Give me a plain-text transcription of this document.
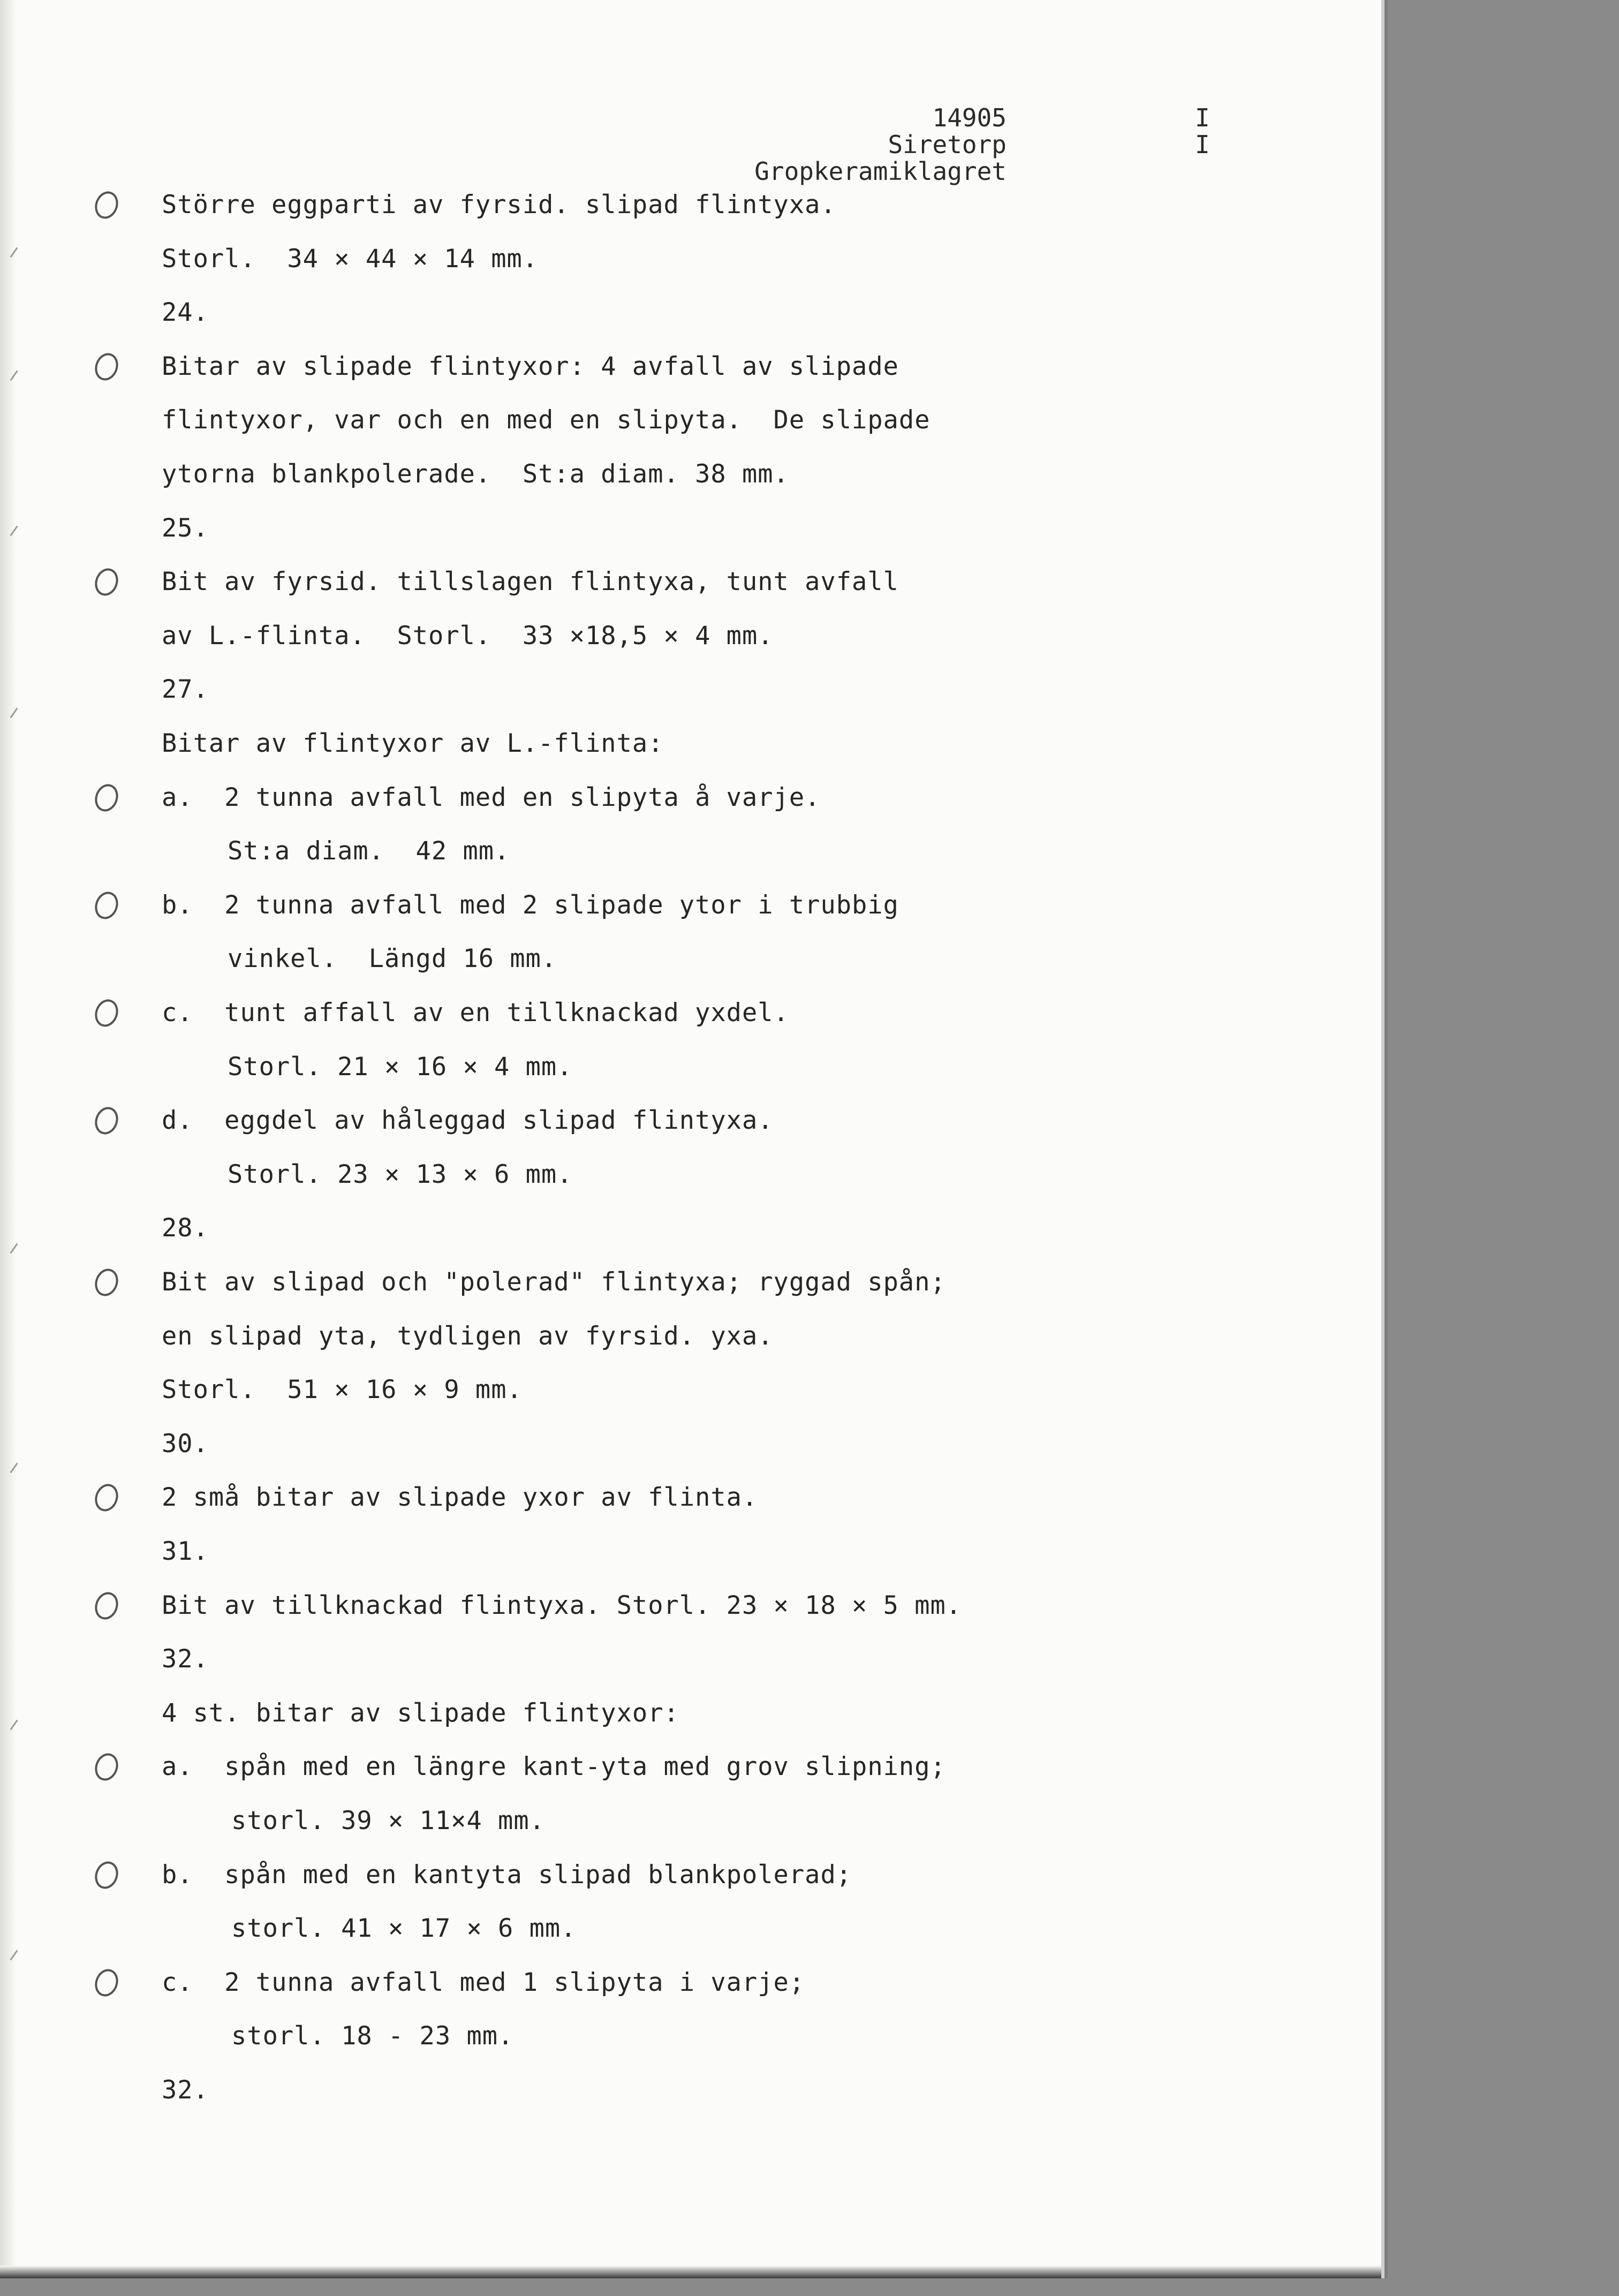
14905
Siretorp
Gropkeramiklagret
I
I
Större eggparti av fyrsid. slipad flintyxa.
Storl.  34 × 44 × 14 mm.
24.
Bitar av slipade flintyxor: 4 avfall av slipade
flintyxor, var och en med en slipyta.  De slipade
ytorna blankpolerade.  St:a diam. 38 mm.
25.
Bit av fyrsid. tillslagen flintyxa, tunt avfall
av L.-flinta.  Storl.  33 ×18,5 × 4 mm.
27.
Bitar av flintyxor av L.-flinta:
a.  2 tunna avfall med en slipyta å varje.
St:a diam.  42 mm.
b.  2 tunna avfall med 2 slipade ytor i trubbig
vinkel.  Längd 16 mm.
c.  tunt affall av en tillknackad yxdel.
Storl. 21 × 16 × 4 mm.
d.  eggdel av håleggad slipad flintyxa.
Storl. 23 × 13 × 6 mm.
28.
Bit av slipad och "polerad" flintyxa; ryggad spån;
en slipad yta, tydligen av fyrsid. yxa.
Storl.  51 × 16 × 9 mm.
30.
2 små bitar av slipade yxor av flinta.
31.
Bit av tillknackad flintyxa. Storl. 23 × 18 × 5 mm.
32.
4 st. bitar av slipade flintyxor:
a.  spån med en längre kant-yta med grov slipning;
storl. 39 × 11×4 mm.
b.  spån med en kantyta slipad blankpolerad;
storl. 41 × 17 × 6 mm.
c.  2 tunna avfall med 1 slipyta i varje;
storl. 18 - 23 mm.
32.
